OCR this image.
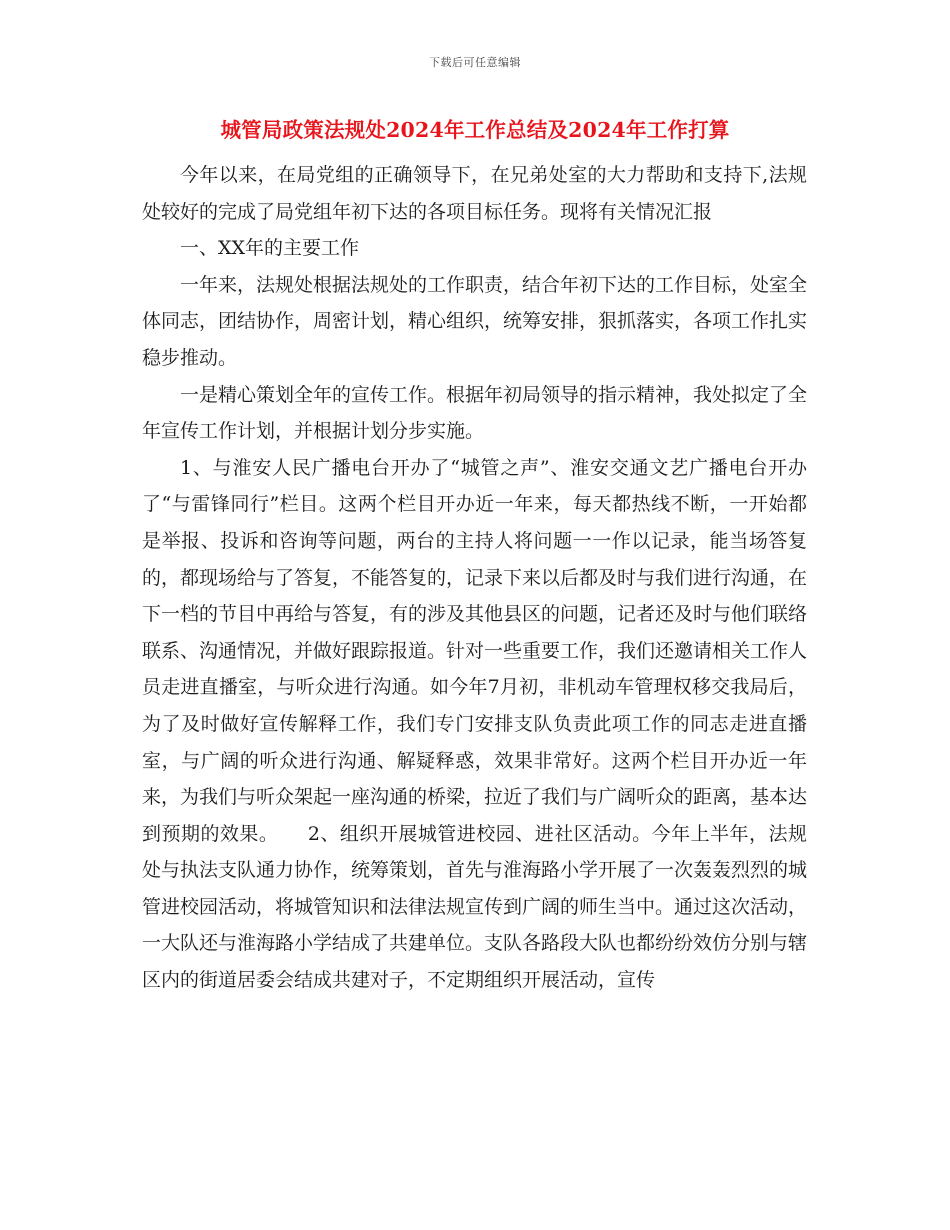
下载后可任意编辑
城管局政策法规处2024年工作总结及2024年工作打算

今年以来，在局党组的正确领导下，在兄弟处室的大力帮助和支持下,法规处较好的完成了局党组年初下达的各项目标任务。现将有关情况汇报

一、XX年的主要工作

一年来，法规处根据法规处的工作职责，结合年初下达的工作目标，处室全体同志，团结协作，周密计划，精心组织，统筹安排，狠抓落实，各项工作扎实稳步推动。

一是精心策划全年的宣传工作。根据年初局领导的指示精神，我处拟定了全年宣传工作计划，并根据计划分步实施。

1、与淮安人民广播电台开办了“城管之声”、淮安交通文艺广播电台开办了“与雷锋同行”栏目。这两个栏目开办近一年来，每天都热线不断，一开始都是举报、投诉和咨询等问题，两台的主持人将问题一一作以记录，能当场答复的，都现场给与了答复，不能答复的，记录下来以后都及时与我们进行沟通，在下一档的节目中再给与答复，有的涉及其他县区的问题，记者还及时与他们联络联系、沟通情况，并做好跟踪报道。针对一些重要工作，我们还邀请相关工作人员走进直播室，与听众进行沟通。如今年7月初，非机动车管理权移交我局后，为了及时做好宣传解释工作，我们专门安排支队负责此项工作的同志走进直播室，与广阔的听众进行沟通、解疑释惑，效果非常好。这两个栏目开办近一年来，为我们与听众架起一座沟通的桥梁，拉近了我们与广阔听众的距离，基本达到预期的效果。　　2、组织开展城管进校园、进社区活动。今年上半年，法规处与执法支队通力协作，统筹策划，首先与淮海路小学开展了一次轰轰烈烈的城管进校园活动，将城管知识和法律法规宣传到广阔的师生当中。通过这次活动，一大队还与淮海路小学结成了共建单位。支队各路段大队也都纷纷效仿分别与辖区内的街道居委会结成共建对子，不定期组织开展活动，宣传
